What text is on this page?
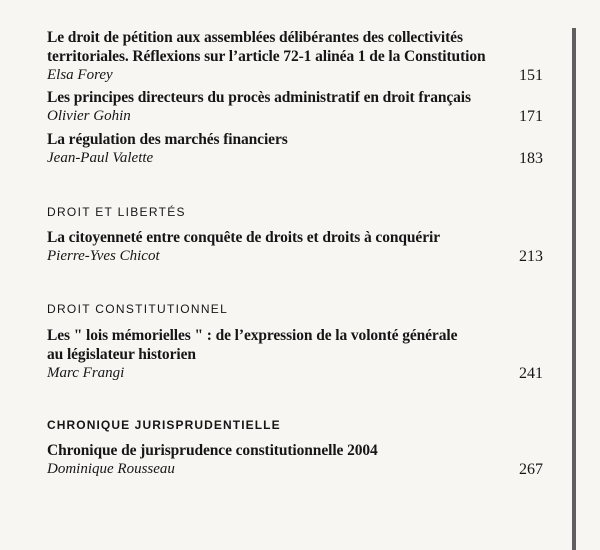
Le droit de pétition aux assemblées délibérantes des collectivités

territoriales. Réflexions sur l’article 72-1 alinéa 1 de la Constitution

Elsa Forey	151

Les principes directeurs du procès administratif en droit français

Olivier Gohin	171

La régulation des marchés financiers

Jean-Paul Valette	183
DROIT ET LIBERTÉS

La citoyenneté entre conquête de droits et droits à conquérir

Pierre-Yves Chicot	213
DROIT CONSTITUTIONNEL

Les " lois mémorielles " : de l’expression de la volonté générale

au législateur historien

Marc Frangi	241
CHRONIQUE JURISPRUDENTIELLE

Chronique de jurisprudence constitutionnelle 2004

Dominique Rousseau	267
